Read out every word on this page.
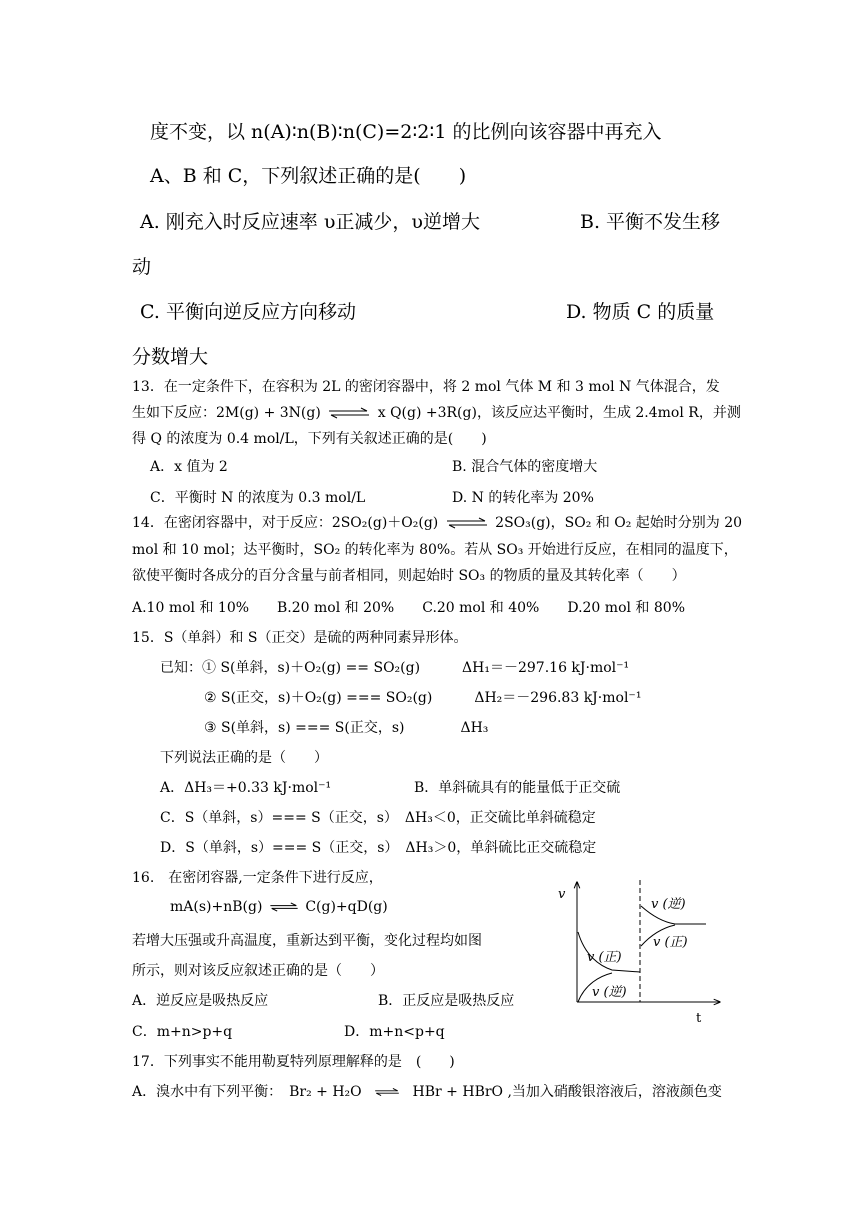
度不变，以 n(A)∶n(B)∶n(C)=2∶2∶1 的比例向该容器中再充入
A、B 和 C，下列叙述正确的是(　　)
A. 刚充入时反应速率 υ正减少，υ逆增大	B. 平衡不发生移
动
C. 平衡向逆反应方向移动	D. 物质 C 的质量
分数增大
13．在一定条件下，在容积为 2L 的密闭容器中，将 2 mol 气体 M 和 3 mol N 气体混合，发
生如下反应：2M(g) + 3N(g) ⇌ x Q(g) +3R(g)，该反应达平衡时，生成 2.4mol R，并测
得 Q 的浓度为 0.4 mol/L，下列有关叙述正确的是(　　)
A．x 值为 2	B. 混合气体的密度增大
C．平衡时 N 的浓度为 0.3 mol/L	D. N 的转化率为 20%
14．在密闭容器中，对于反应：2SO₂(g)＋O₂(g) ⇌ 2SO₃(g)，SO₂ 和 O₂ 起始时分别为 20
mol 和 10 mol；达平衡时，SO₂ 的转化率为 80%。若从 SO₃ 开始进行反应，在相同的温度下，
欲使平衡时各成分的百分含量与前者相同，则起始时 SO₃ 的物质的量及其转化率（　　）
A.10 mol 和 10%　　B.20 mol 和 20%　　C.20 mol 和 40%　　D.20 mol 和 80%
15．S（单斜）和 S（正交）是硫的两种同素异形体。
已知：① S(单斜，s)＋O₂(g) == SO₂(g)　　　ΔH₁＝－297.16 kJ·mol⁻¹
② S(正交，s)＋O₂(g) === SO₂(g)　　　ΔH₂＝－296.83 kJ·mol⁻¹
③ S(单斜，s) === S(正交，s)　　　　ΔH₃
下列说法正确的是（　　）
A．ΔH₃＝+0.33 kJ·mol⁻¹	B．单斜硫具有的能量低于正交硫
C．S（单斜，s）=== S（正交，s）　ΔH₃＜0，正交硫比单斜硫稳定
D．S（单斜，s）=== S（正交，s）　ΔH₃＞0，单斜硫比正交硫稳定
16.　在密闭容器,一定条件下进行反应，
mA(s)+nB(g) ⇌ C(g)+qD(g)
若增大压强或升高温度，重新达到平衡，变化过程均如图
所示，则对该反应叙述正确的是（　　）
A．逆反应是吸热反应	B．正反应是吸热反应
C．m+n>p+q	D．m+n<p+q
v
t
v (正)
v (逆)
v (逆)
v (正)
17．下列事实不能用勒夏特列原理解释的是　(　　)
A．溴水中有下列平衡：　Br₂ + H₂O ⇌ HBr + HBrO ,当加入硝酸银溶液后，溶液颜色变
